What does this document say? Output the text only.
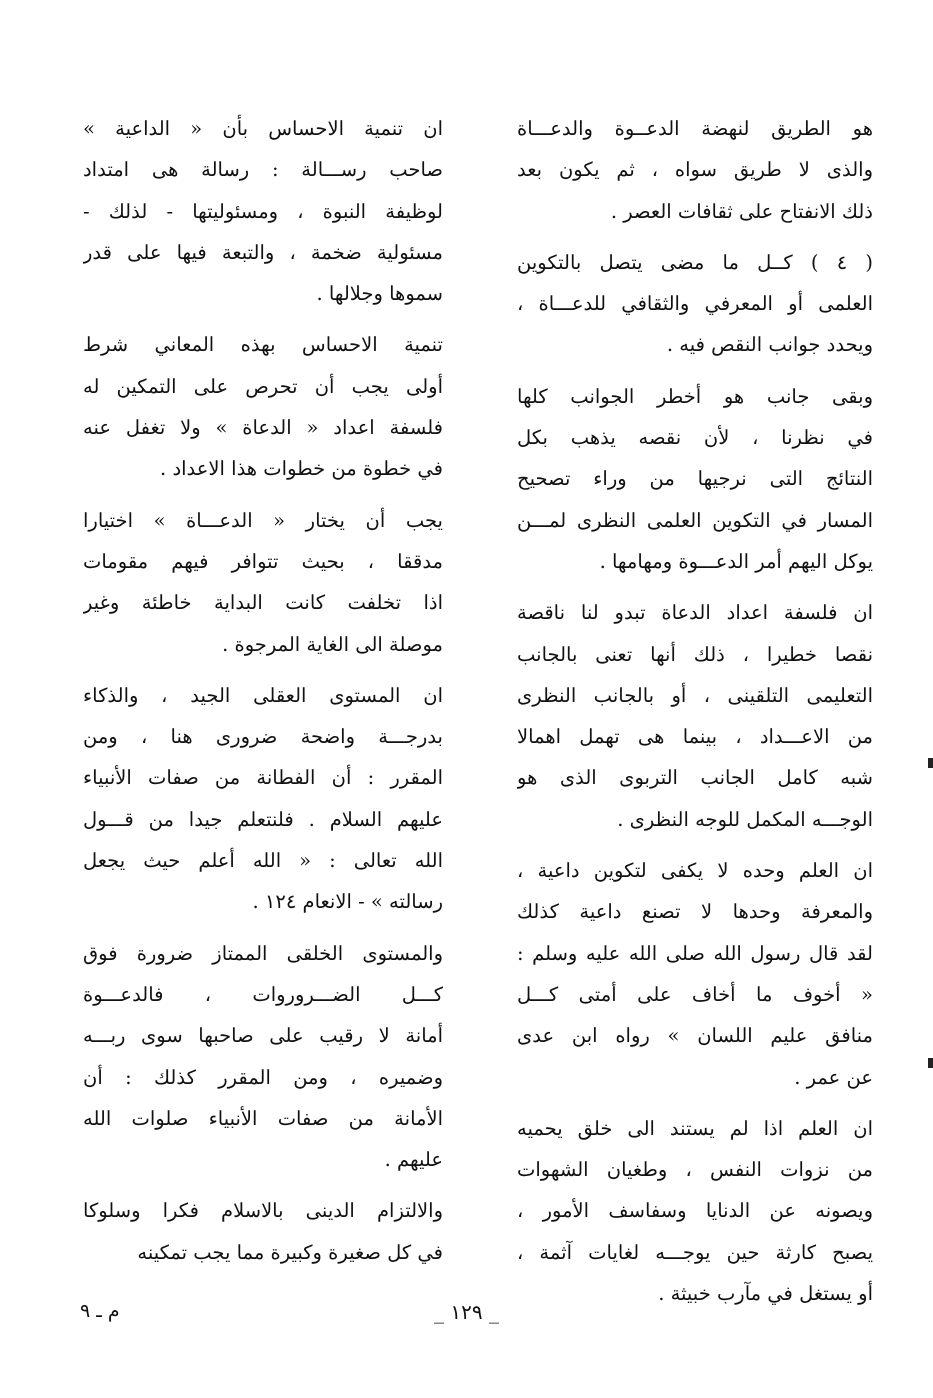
هو الطريق لنهضة الدعــوة والدعـــاة
والذى لا طريق سواه ، ثم يكون بعد
ذلك الانفتاح على ثقافات العصر .
( ٤ ) كــل ما مضى يتصل بالتكوين
العلمى أو المعرفي والثقافي للدعـــاة ،
ويحدد جوانب النقص فيه .
وبقى جانب هو أخطر الجوانب كلها
في نظرنا ، لأن نقصه يذهب بكل
النتائج التى نرجيها من وراء تصحيح
المسار في التكوين العلمى النظرى لمـــن
يوكل اليهم أمر الدعـــوة ومهامها .
ان فلسفة اعداد الدعاة تبدو لنا ناقصة
نقصا خطيرا ، ذلك أنها تعنى بالجانب
التعليمى التلقينى ، أو بالجانب النظرى
من الاعـــداد ، بينما هى تهمل اهمالا
شبه كامل الجانب التربوى الذى هو
الوجـــه المكمل للوجه النظرى .
ان العلم وحده لا يكفى لتكوين داعية ،
والمعرفة وحدها لا تصنع داعية كذلك
لقد قال رسول الله صلى الله عليه وسلم :
« أخوف ما أخاف على أمتى كـــل
منافق عليم اللسان » رواه ابن عدى
عن عمر .
ان العلم اذا لم يستند الى خلق يحميه
من نزوات النفس ، وطغيان الشهوات
ويصونه عن الدنايا وسفاسف الأمور ،
يصبح كارثة حين يوجـــه لغايات آثمة ،
أو يستغل في مآرب خبيثة .
ان تنمية الاحساس بأن « الداعية »
صاحب رســـالة : رسالة هى امتداد
لوظيفة النبوة ، ومسئوليتها - لذلك -
مسئولية ضخمة ، والتبعة فيها على قدر
سموها وجلالها .
تنمية الاحساس بهذه المعاني شرط
أولى يجب أن تحرص على التمكين له
فلسفة اعداد « الدعاة » ولا تغفل عنه
في خطوة من خطوات هذا الاعداد .
يجب أن يختار « الدعـــاة » اختيارا
مدققا ، بحيث تتوافر فيهم مقومات
اذا تخلفت كانت البداية خاطئة وغير
موصلة الى الغاية المرجوة .
ان المستوى العقلى الجيد ، والذكاء
بدرجـــة واضحة ضرورى هنا ، ومن
المقرر : أن الفطانة من صفات الأنبياء
عليهم السلام . فلنتعلم جيدا من قـــول
الله تعالى : « الله أعلم حيث يجعل
رسالته » - الانعام ١٢٤ .
والمستوى الخلقى الممتاز ضرورة فوق
كـــل الضـــروروات ، فالدعـــوة
أمانة لا رقيب على صاحبها سوى ربـــه
وضميره ، ومن المقرر كذلك : أن
الأمانة من صفات الأنبياء صلوات الله
عليهم .
والالتزام الدينى بالاسلام فكرا وسلوكا
في كل صغيرة وكبيرة مما يجب تمكينه
_ ١٢٩ _
م ـ ٩
